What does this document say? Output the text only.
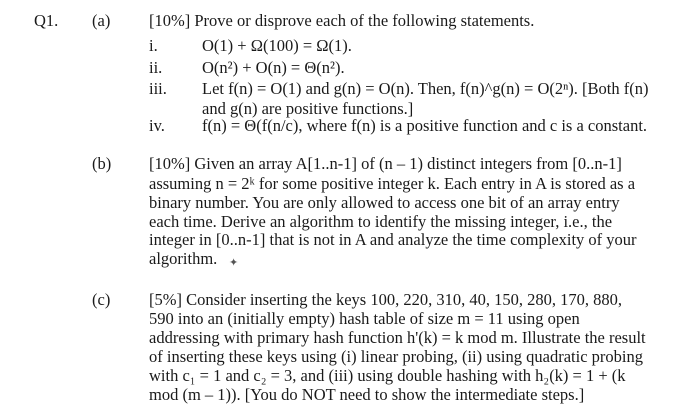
Q1. (a) [10%] Prove or disprove each of the following statements.
i.	O(1) + Ω(100) = Ω(1).
ii. O(n²) + O(n) = Θ(n²).
iii. Let f(n) = O(1) and g(n) = O(n). Then, f(n)^g(n) = O(2ⁿ). [Both f(n)
and g(n) are positive functions.]
iv. f(n) = Θ(f(n/c), where f(n) is a positive function and c is a constant.
(b) [10%] Given an array A[1..n-1] of (n – 1) distinct integers from [0..n-1]
assuming n = 2ᵏ for some positive integer k. Each entry in A is stored as a
binary number. You are only allowed to access one bit of an array entry
each time. Derive an algorithm to identify the missing integer, i.e., the
integer in [0..n-1] that is not in A and analyze the time complexity of your
algorithm. ✦
(c) [5%] Consider inserting the keys 100, 220, 310, 40, 150, 280, 170, 880,
590 into an (initially empty) hash table of size m = 11 using open
addressing with primary hash function h'(k) = k mod m. Illustrate the result
of inserting these keys using (i) linear probing, (ii) using quadratic probing
with c₁ = 1 and c₂ = 3, and (iii) using double hashing with h₂(k) = 1 + (k
mod (m – 1)). [You do NOT need to show the intermediate steps.]
